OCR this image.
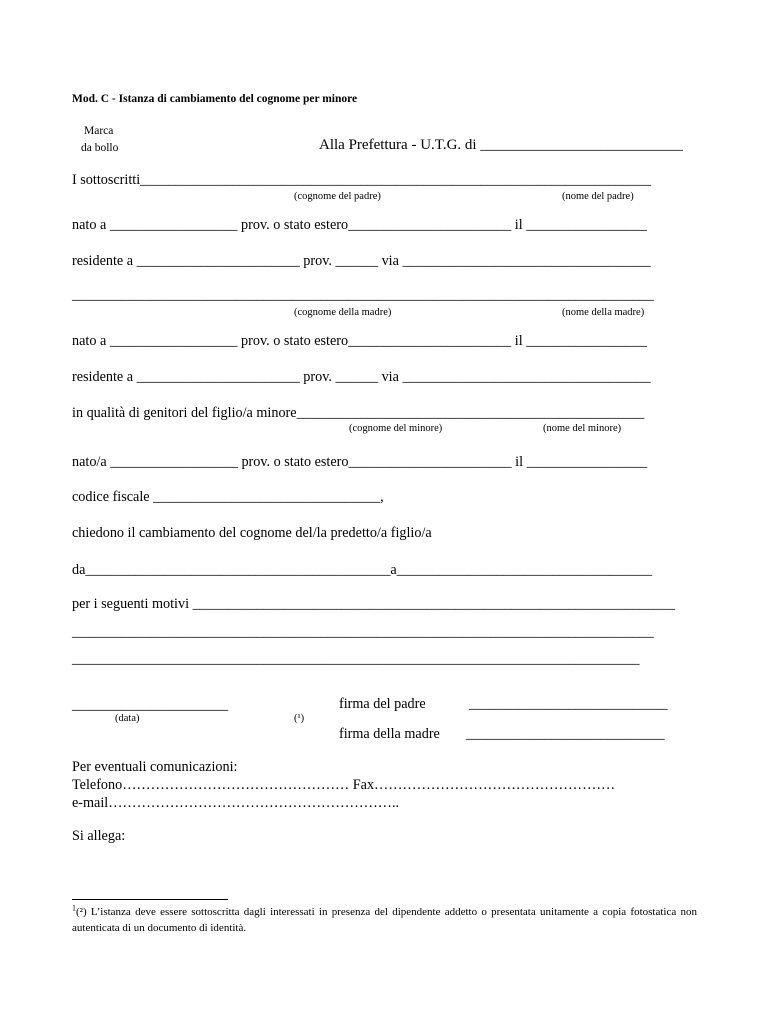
Mod. C - Istanza di cambiamento del cognome per minore
Marca
da bollo	Alla Prefettura - U.T.G. di ___________________________
I sottoscritti________________________________________________________________________
(cognome del padre)	(nome del padre)
nato a __________________ prov. o stato estero_______________________ il _________________
residente a _______________________ prov. ______ via ___________________________________
__________________________________________________________________________________
(cognome della madre)	(nome della madre)
nato a __________________ prov. o stato estero_______________________ il _________________
residente a _______________________ prov. ______ via ___________________________________
in qualità di genitori del figlio/a minore_________________________________________________
(cognome del minore)	(nome del minore)
nato/a __________________ prov. o stato estero_______________________ il _________________
codice fiscale ________________________________,
chiedono il cambiamento del cognome del/la predetto/a figlio/a
da___________________________________________a____________________________________
per i seguenti motivi ____________________________________________________________________
__________________________________________________________________________________
________________________________________________________________________________
______________________
(data)	(¹)
firma del padre	____________________________
firma della madre ____________________________
Per eventuali comunicazioni:
Telefono………………………………………… Fax……………………………………………
e-mail……………………………………………………..
Si allega:
$^1$(²) L’istanza deve essere sottoscritta dagli interessati in presenza del dipendente addetto o presentata unitamente a copia fotostatica non autenticata di un documento di identità.
